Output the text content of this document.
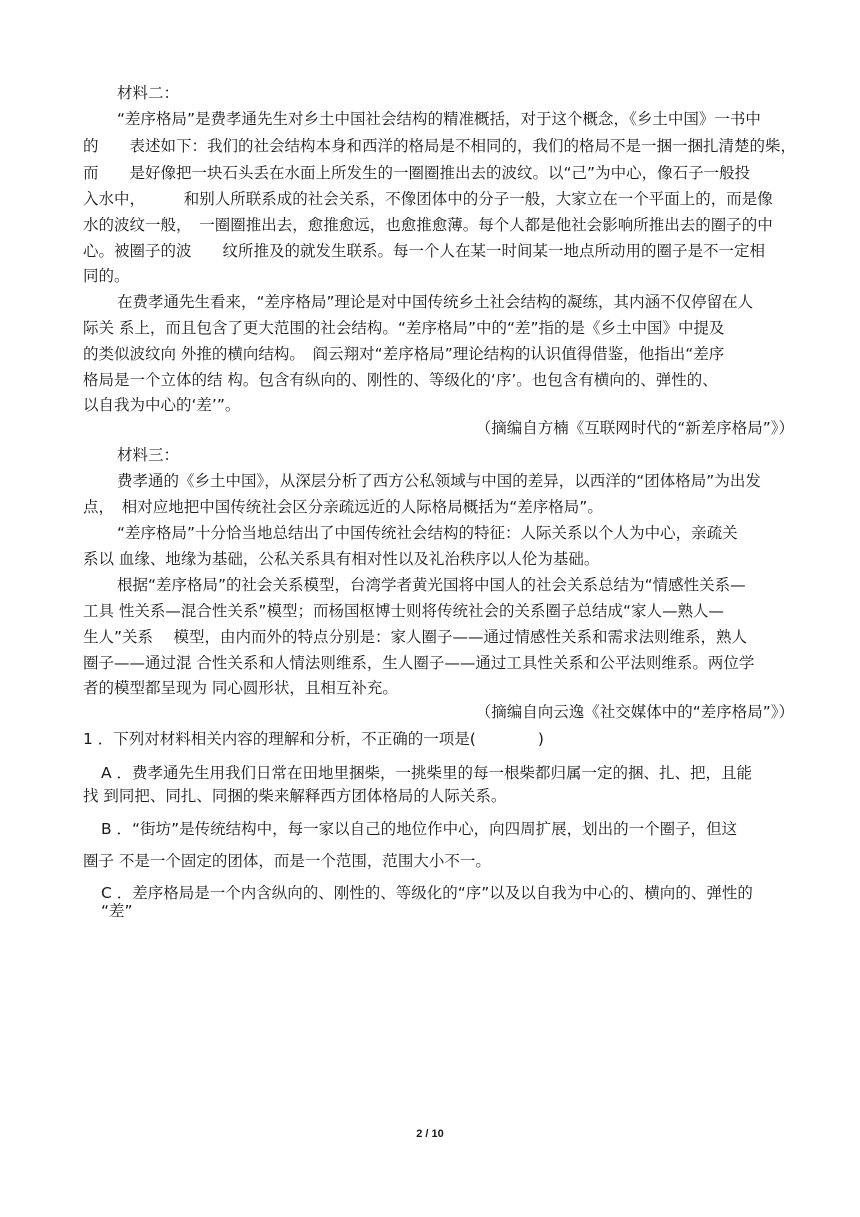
材料二：
“差序格局”是费孝通先生对乡土中国社会结构的精准概括，对于这个概念，《乡土中国》一书中
的　　表述如下：我们的社会结构本身和西洋的格局是不相同的，我们的格局不是一捆一捆扎清楚的柴，
而　　是好像把一块石头丢在水面上所发生的一圈圈推出去的波纹。以“己”为中心，像石子一般投
入水中，　　　和别人所联系成的社会关系，不像团体中的分子一般，大家立在一个平面上的，而是像
水的波纹一般，　一圈圈推出去，愈推愈远，也愈推愈薄。每个人都是他社会影响所推出去的圈子的中
心。被圈子的波　　纹所推及的就发生联系。每一个人在某一时间某一地点所动用的圈子是不一定相
同的。
在费孝通先生看来，“差序格局”理论是对中国传统乡土社会结构的凝练，其内涵不仅停留在人
际关 系上，而且包含了更大范围的社会结构。“差序格局”中的“差”指的是《乡土中国》中提及
的类似波纹向 外推的横向结构。　阎云翔对“差序格局”理论结构的认识值得借鉴，他指出“差序
格局是一个立体的结 构。包含有纵向的、刚性的、等级化的‘序’。也包含有横向的、弹性的、
以自我为中心的‘差’”。
（摘编自方楠《互联网时代的“新差序格局”》）
材料三：
费孝通的《乡土中国》，从深层分析了西方公私领域与中国的差异，以西洋的“团体格局”为出发
点，　相对应地把中国传统社会区分亲疏远近的人际格局概括为“差序格局”。
“差序格局”十分恰当地总结出了中国传统社会结构的特征：人际关系以个人为中心，亲疏关
系以 血缘、地缘为基础，公私关系具有相对性以及礼治秩序以人伦为基础。
根据“差序格局”的社会关系模型，台湾学者黄光国将中国人的社会关系总结为“情感性关系—
工具 性关系—混合性关系”模型；而杨国枢博士则将传统社会的关系圈子总结成“家人—熟人—
生人”关系　 模型，由内而外的特点分别是：家人圈子——通过情感性关系和需求法则维系，熟人
圈子——通过混 合性关系和人情法则维系，生人圈子——通过工具性关系和公平法则维系。两位学
者的模型都呈现为 同心圆形状，且相互补充。
（摘编自向云逸《社交媒体中的“差序格局”》）
1 ．下列对材料相关内容的理解和分析，不正确的一项是(　　　　)
A ．费孝通先生用我们日常在田地里捆柴，一挑柴里的每一根柴都归属一定的捆、扎、把，且能
找 到同把、同扎、同捆的柴来解释西方团体格局的人际关系。
B ．“街坊”是传统结构中，每一家以自己的地位作中心，向四周扩展，划出的一个圈子，但这
圈子 不是一个固定的团体，而是一个范围，范围大小不一。
C ．差序格局是一个内含纵向的、刚性的、等级化的“序”以及以自我为中心的、横向的、弹性的
“差”
2 / 10
